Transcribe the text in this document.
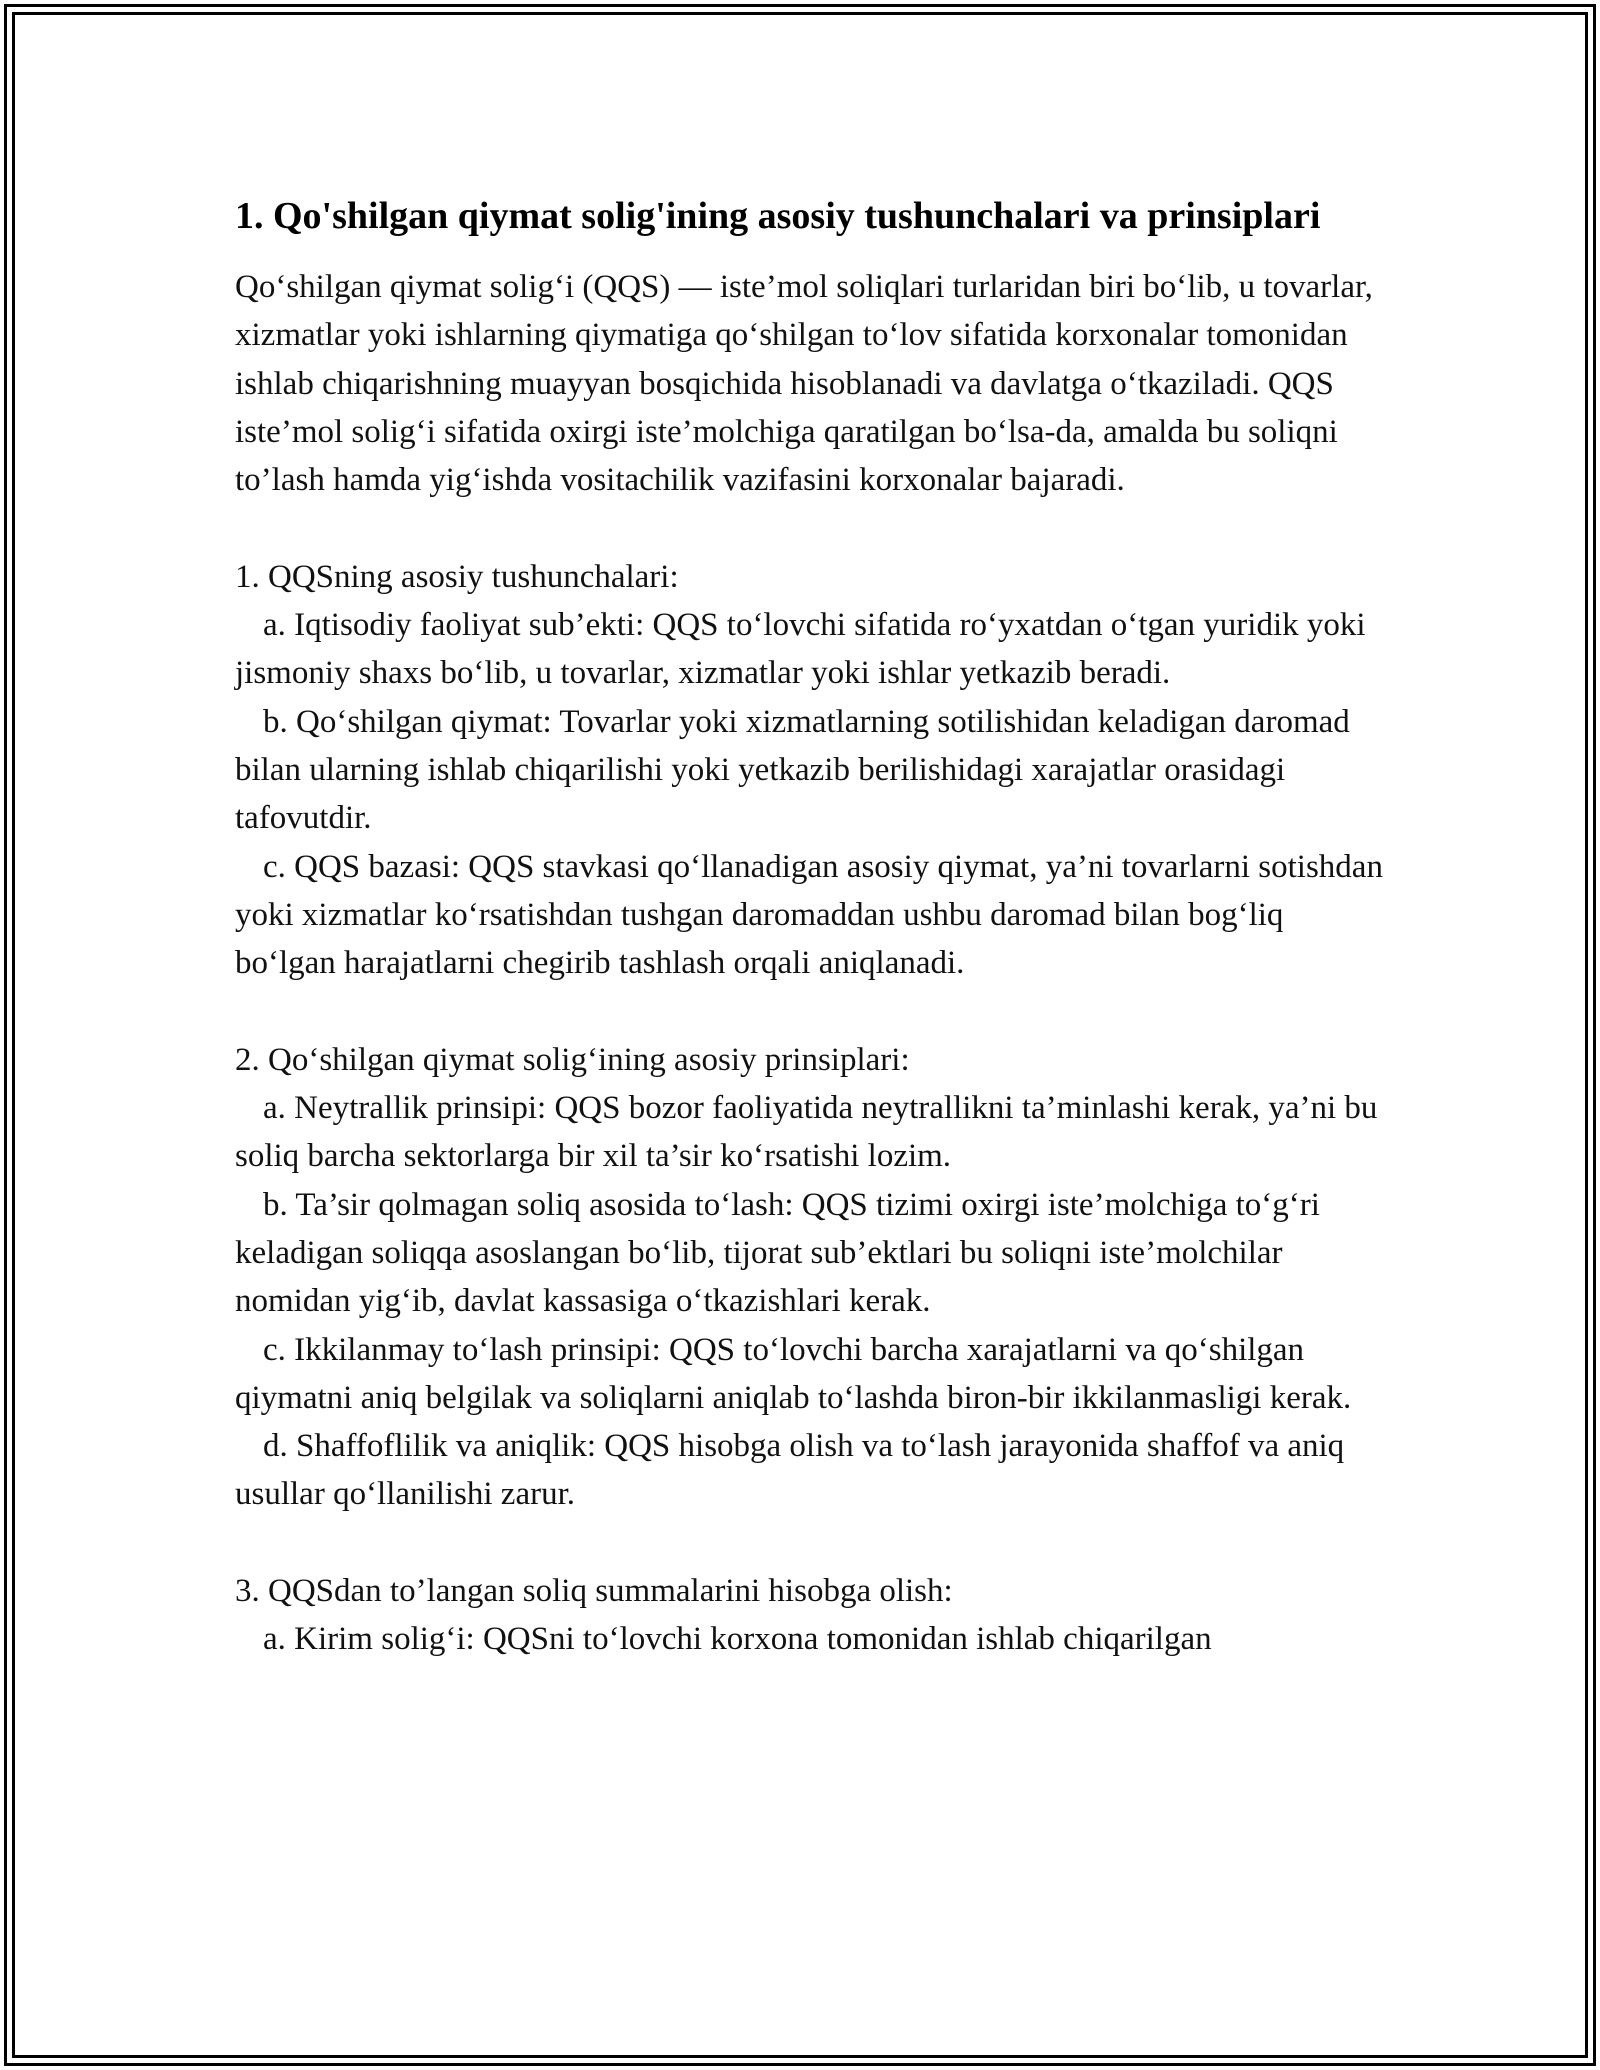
1. Qo'shilgan qiymat solig'ining asosiy tushunchalari va prinsiplari

Qo‘shilgan qiymat solig‘i (QQS) — iste’mol soliqlari turlaridan biri bo‘lib, u tovarlar, xizmatlar yoki ishlarning qiymatiga qo‘shilgan to‘lov sifatida korxonalar tomonidan ishlab chiqarishning muayyan bosqichida hisoblanadi va davlatga o‘tkaziladi. QQS iste’mol solig‘i sifatida oxirgi iste’molchiga qaratilgan bo‘lsa-da, amalda bu soliqni to’lash hamda yig‘ishda vositachilik vazifasini korxonalar bajaradi.

1. QQSning asosiy tushunchalari:
a. Iqtisodiy faoliyat sub’ekti: QQS to‘lovchi sifatida ro‘yxatdan o‘tgan yuridik yoki jismoniy shaxs bo‘lib, u tovarlar, xizmatlar yoki ishlar yetkazib beradi.
b. Qo‘shilgan qiymat: Tovarlar yoki xizmatlarning sotilishidan keladigan daromad bilan ularning ishlab chiqarilishi yoki yetkazib berilishidagi xarajatlar orasidagi tafovutdir.
c. QQS bazasi: QQS stavkasi qo‘llanadigan asosiy qiymat, ya’ni tovarlarni sotishdan yoki xizmatlar ko‘rsatishdan tushgan daromaddan ushbu daromad bilan bog‘liq bo‘lgan harajatlarni chegirib tashlash orqali aniqlanadi.
2. Qo‘shilgan qiymat solig‘ining asosiy prinsiplari:
a. Neytrallik prinsipi: QQS bozor faoliyatida neytrallikni ta’minlashi kerak, ya’ni bu soliq barcha sektorlarga bir xil ta’sir ko‘rsatishi lozim.
b. Ta’sir qolmagan soliq asosida to‘lash: QQS tizimi oxirgi iste’molchiga to‘g‘ri keladigan soliqqa asoslangan bo‘lib, tijorat sub’ektlari bu soliqni iste’molchilar nomidan yig‘ib, davlat kassasiga o‘tkazishlari kerak.
c. Ikkilanmay to‘lash prinsipi: QQS to‘lovchi barcha xarajatlarni va qo‘shilgan qiymatni aniq belgilak va soliqlarni aniqlab to‘lashda biron-bir ikkilanmasligi kerak.
d. Shaffoflilik va aniqlik: QQS hisobga olish va to‘lash jarayonida shaffof va aniq usullar qo‘llanilishi zarur.
3. QQSdan to’langan soliq summalarini hisobga olish:
a. Kirim solig‘i: QQSni to‘lovchi korxona tomonidan ishlab chiqarilgan
